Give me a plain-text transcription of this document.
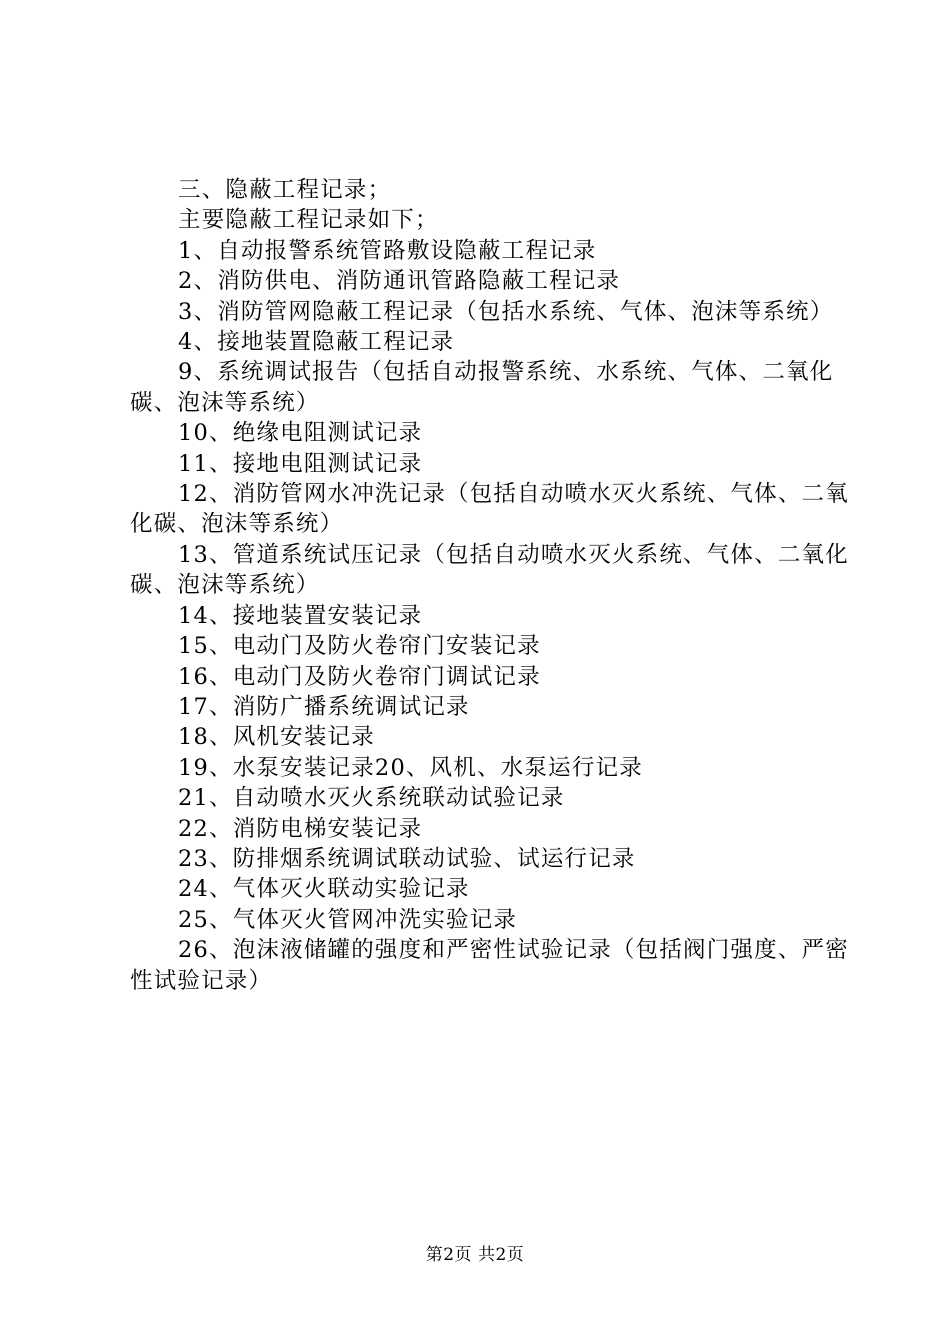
三、隐蔽工程记录；

主要隐蔽工程记录如下；

1、自动报警系统管路敷设隐蔽工程记录

2、消防供电、消防通讯管路隐蔽工程记录

3、消防管网隐蔽工程记录（包括水系统、气体、泡沫等系统）

4、接地装置隐蔽工程记录

9、系统调试报告（包括自动报警系统、水系统、气体、二氧化碳、泡沫等系统）

10、绝缘电阻测试记录

11、接地电阻测试记录

12、消防管网水冲洗记录（包括自动喷水灭火系统、气体、二氧化碳、泡沫等系统）

13、管道系统试压记录（包括自动喷水灭火系统、气体、二氧化碳、泡沫等系统）

14、接地装置安装记录

15、电动门及防火卷帘门安装记录

16、电动门及防火卷帘门调试记录

17、消防广播系统调试记录

18、风机安装记录

19、水泵安装记录20、风机、水泵运行记录

21、自动喷水灭火系统联动试验记录

22、消防电梯安装记录

23、防排烟系统调试联动试验、试运行记录

24、气体灭火联动实验记录

25、气体灭火管网冲洗实验记录

26、泡沫液储罐的强度和严密性试验记录（包括阀门强度、严密性试验记录）

第2页 共2页
